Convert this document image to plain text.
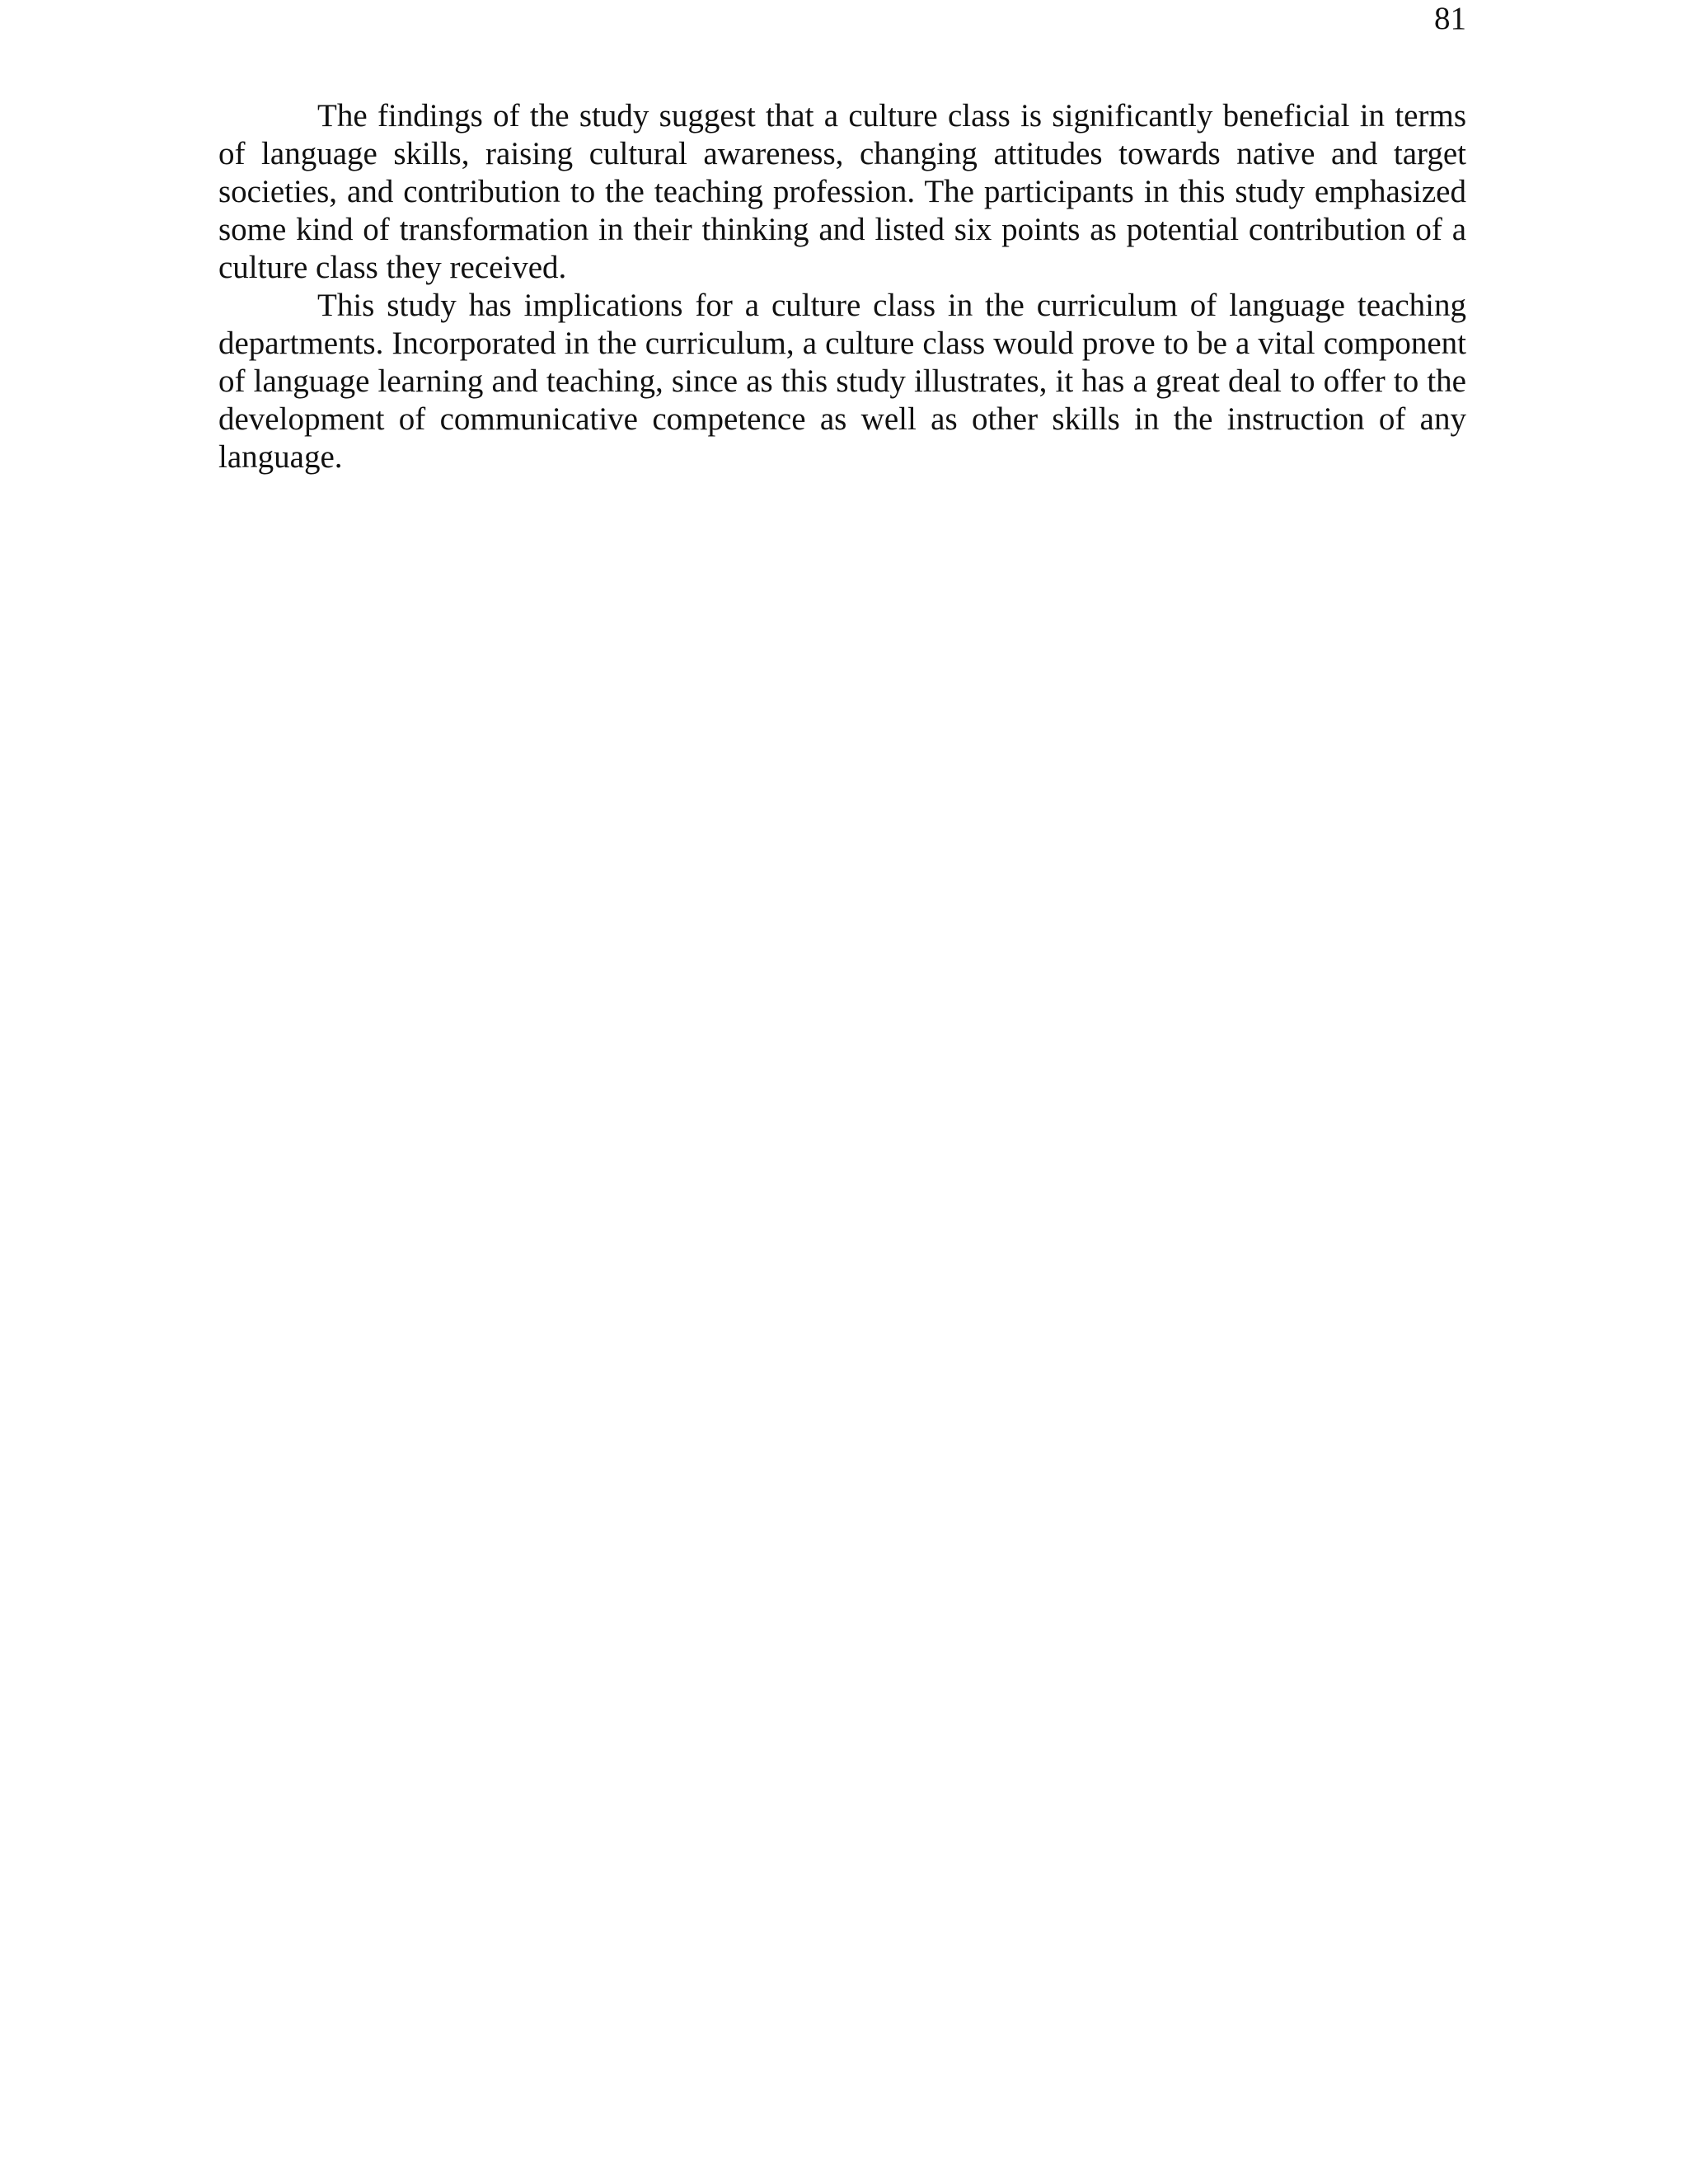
81

The findings of the study suggest that a culture class is significantly beneficial in terms of language skills, raising cultural awareness, changing attitudes towards native and target societies, and contribution to the teaching profession. The participants in this study emphasized some kind of transformation in their thinking and listed six points as potential contribution of a culture class they received.

This study has implications for a culture class in the curriculum of language teaching departments. Incorporated in the curriculum, a culture class would prove to be a vital component of language learning and teaching, since as this study illustrates, it has a great deal to offer to the development of communicative competence as well as other skills in the instruction of any language.
